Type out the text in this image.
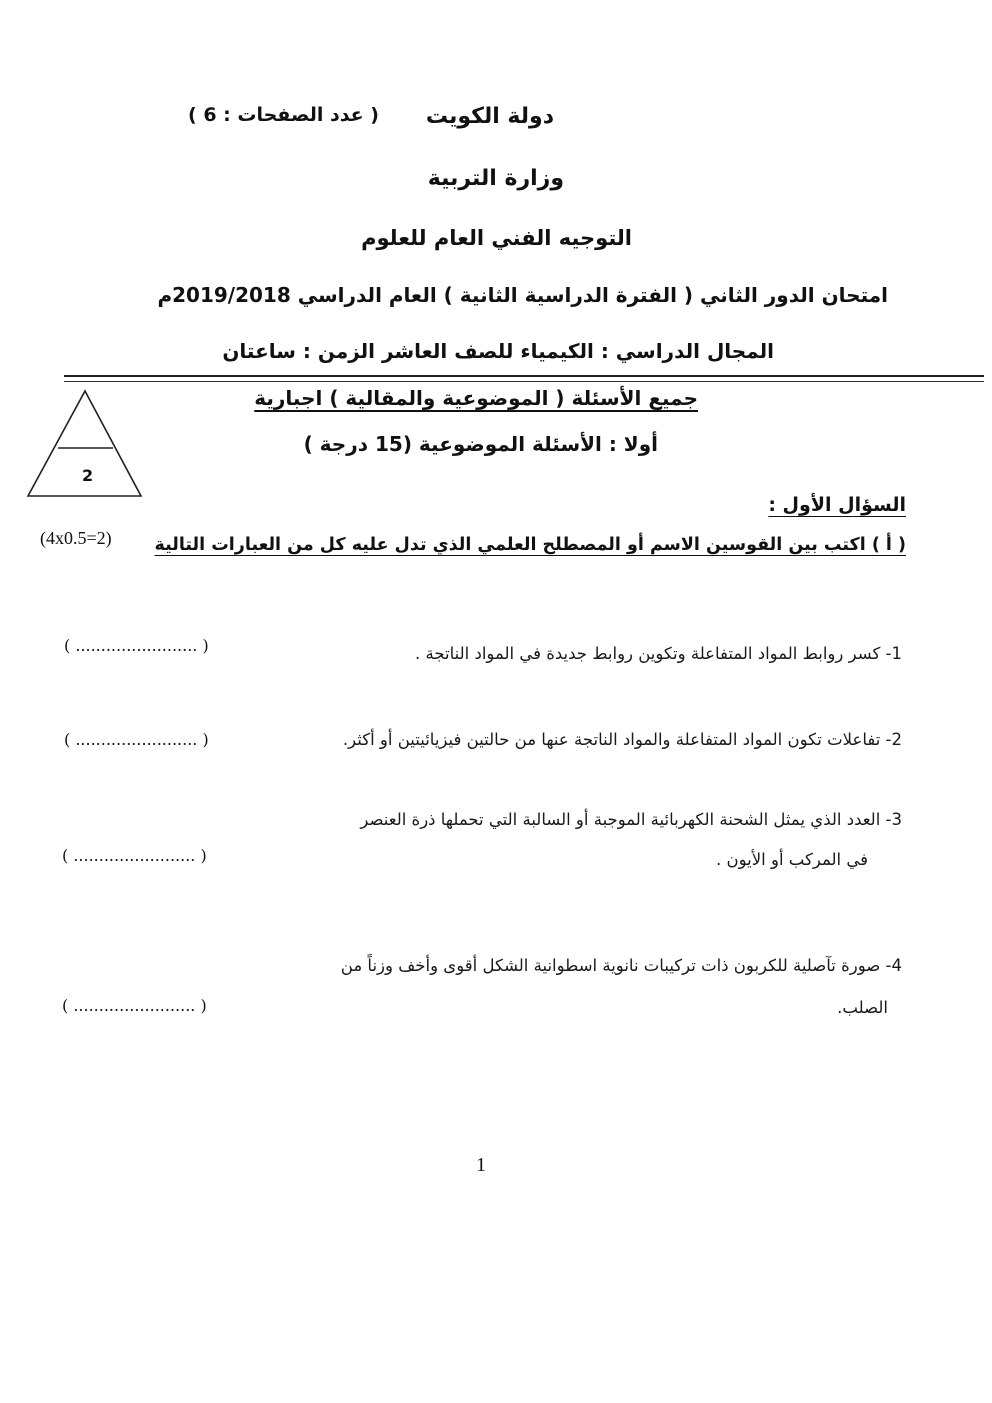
دولة الكويت
( عدد الصفحات : 6 )
وزارة التربية
التوجيه الفني العام للعلوم
امتحان الدور الثاني ( الفترة الدراسية الثانية ) العام الدراسي 2019/2018م
المجال الدراسي : الكيمياء للصف العاشر الزمن : ساعتان
2
جميع الأسئلة ( الموضوعية والمقالية ) اجبارية
أولا : الأسئلة الموضوعية (15 درجة )
السؤال الأول :
(4x0.5=2) ( أ ) اكتب بين القوسين الاسم أو المصطلح العلمي الذي تدل عليه كل من العبارات التالية
1- كسر روابط المواد المتفاعلة وتكوين روابط جديدة في المواد الناتجة .
( ........................ )
2- تفاعلات تكون المواد المتفاعلة والمواد الناتجة عنها من حالتين فيزيائيتين أو أكثر.
( ........................ )
3- العدد الذي يمثل الشحنة الكهربائية الموجبة أو السالبة التي تحملها ذرة العنصر
في المركب أو الأيون .
( ........................ )
4- صورة تآصلية للكربون ذات تركيبات نانوية اسطوانية الشكل أقوى وأخف وزناً من
الصلب.
( ........................ )
1
